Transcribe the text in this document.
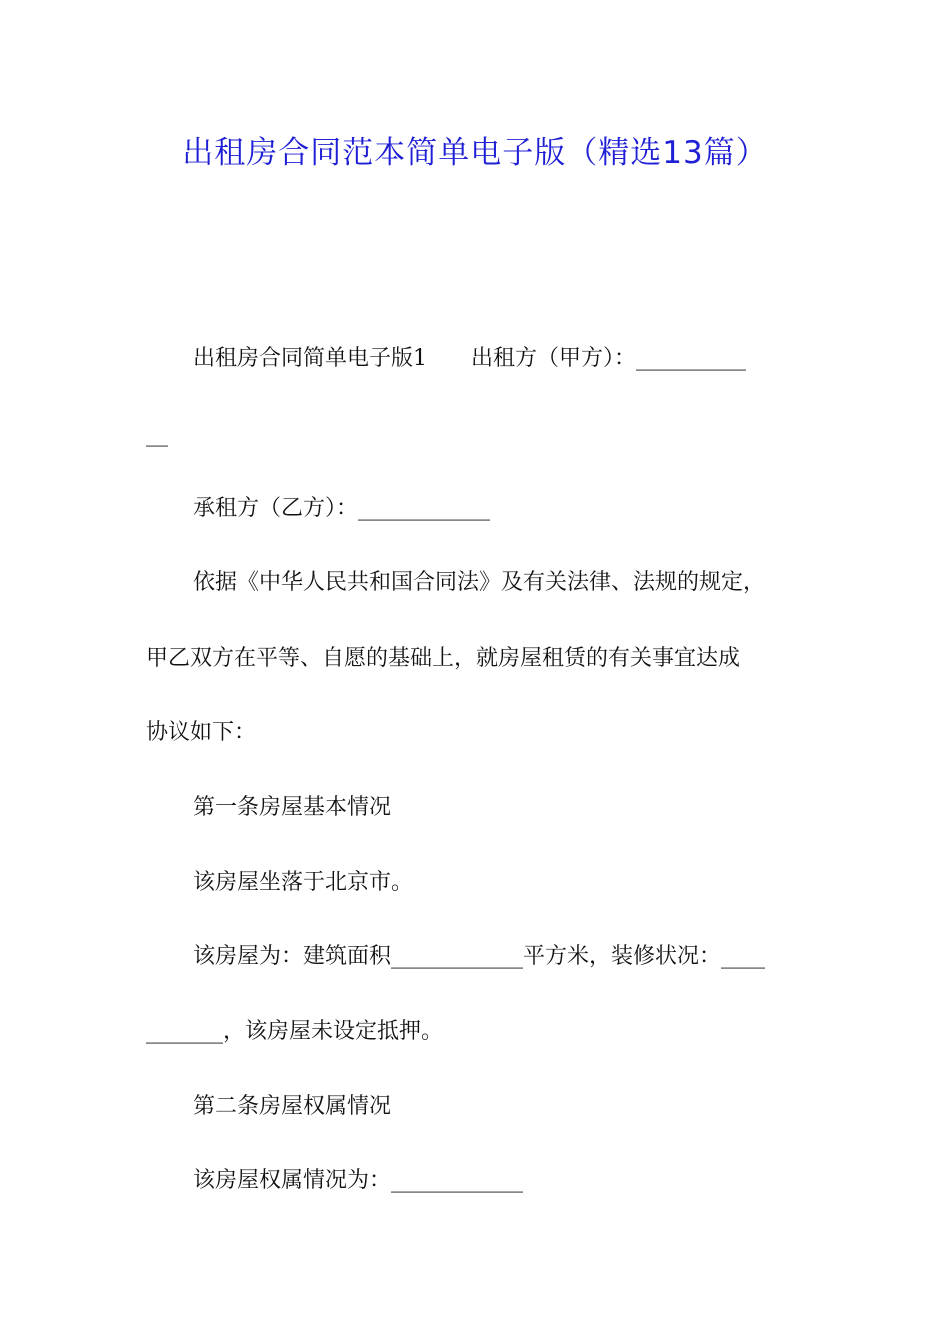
出租房合同范本简单电子版（精选13篇）

出租房合同简单电子版1　　出租方（甲方）：__________

__

承租方（乙方）：____________

依据《中华人民共和国合同法》及有关法律、法规的规定，

甲乙双方在平等、自愿的基础上，就房屋租赁的有关事宜达成

协议如下：

第一条房屋基本情况

该房屋坐落于北京市。

该房屋为：建筑面积____________平方米，装修状况：____

_______，该房屋未设定抵押。

第二条房屋权属情况

该房屋权属情况为：____________
